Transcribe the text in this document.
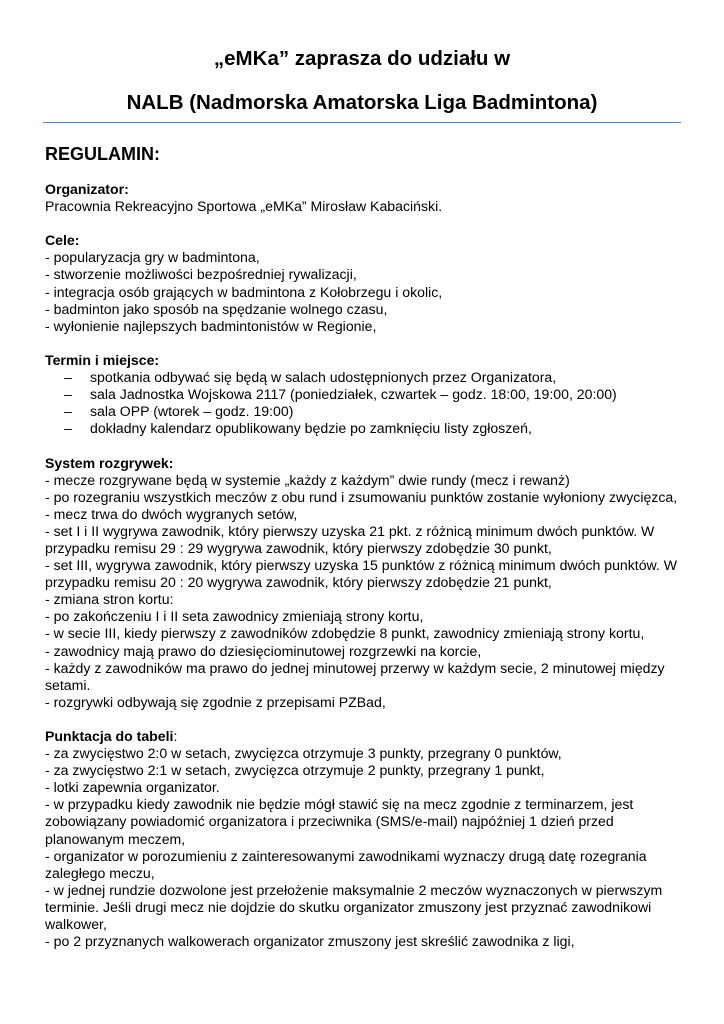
„eMKa” zaprasza do udziału w
NALB (Nadmorska Amatorska Liga Badmintona)
REGULAMIN:
Organizator:
Pracownia Rekreacyjno Sportowa „eMKa” Mirosław Kabaciński.
Cele:
- popularyzacja gry w badmintona,
- stworzenie możliwości bezpośredniej rywalizacji,
- integracja osób grających w badmintona z Kołobrzegu i okolic,
- badminton jako sposób na spędzanie wolnego czasu,
- wyłonienie najlepszych badmintonistów w Regionie,
Termin i miejsce:
– spotkania odbywać się będą w salach udostępnionych przez Organizatora,
– sala Jadnostka Wojskowa 2117 (poniedziałek, czwartek – godz. 18:00, 19:00, 20:00)
– sala OPP (wtorek – godz. 19:00)
– dokładny kalendarz opublikowany będzie po zamknięciu listy zgłoszeń,
System rozgrywek:
- mecze rozgrywane będą w systemie „każdy z każdym” dwie rundy (mecz i rewanż)
- po rozegraniu wszystkich meczów z obu rund i zsumowaniu punktów zostanie wyłoniony zwycięzca,
- mecz trwa do dwóch wygranych setów,
- set I i II wygrywa zawodnik, który pierwszy uzyska 21 pkt. z różnicą minimum dwóch punktów. W przypadku remisu 29 : 29 wygrywa zawodnik, który pierwszy zdobędzie 30 punkt,
- set III, wygrywa zawodnik, który pierwszy uzyska 15 punktów z różnicą minimum dwóch punktów. W przypadku remisu 20 : 20 wygrywa zawodnik, który pierwszy zdobędzie 21 punkt,
- zmiana stron kortu:
- po zakończeniu I i II seta zawodnicy zmieniają strony kortu,
- w secie III, kiedy pierwszy z zawodników zdobędzie 8 punkt, zawodnicy zmieniają strony kortu,
- zawodnicy mają prawo do dziesięciominutowej rozgrzewki na korcie,
- każdy z zawodników ma prawo do jednej minutowej przerwy w każdym secie, 2 minutowej między setami.
- rozgrywki odbywają się zgodnie z przepisami PZBad,
Punktacja do tabeli:
- za zwycięstwo 2:0 w setach, zwycięzca otrzymuje 3 punkty, przegrany 0 punktów,
- za zwycięstwo 2:1 w setach, zwycięzca otrzymuje 2 punkty, przegrany 1 punkt,
- lotki zapewnia organizator.
- w przypadku kiedy zawodnik nie będzie mógł stawić się na mecz zgodnie z terminarzem, jest zobowiązany powiadomić organizatora i przeciwnika (SMS/e-mail) najpóźniej 1 dzień przed planowanym meczem,
- organizator w porozumieniu z zainteresowanymi zawodnikami wyznaczy drugą datę rozegrania zaległego meczu,
- w jednej rundzie dozwolone jest przełożenie maksymalnie 2 meczów wyznaczonych w pierwszym terminie. Jeśli drugi mecz nie dojdzie do skutku organizator zmuszony jest przyznać zawodnikowi walkower,
- po 2 przyznanych walkowerach organizator zmuszony jest skreślić zawodnika z ligi,
